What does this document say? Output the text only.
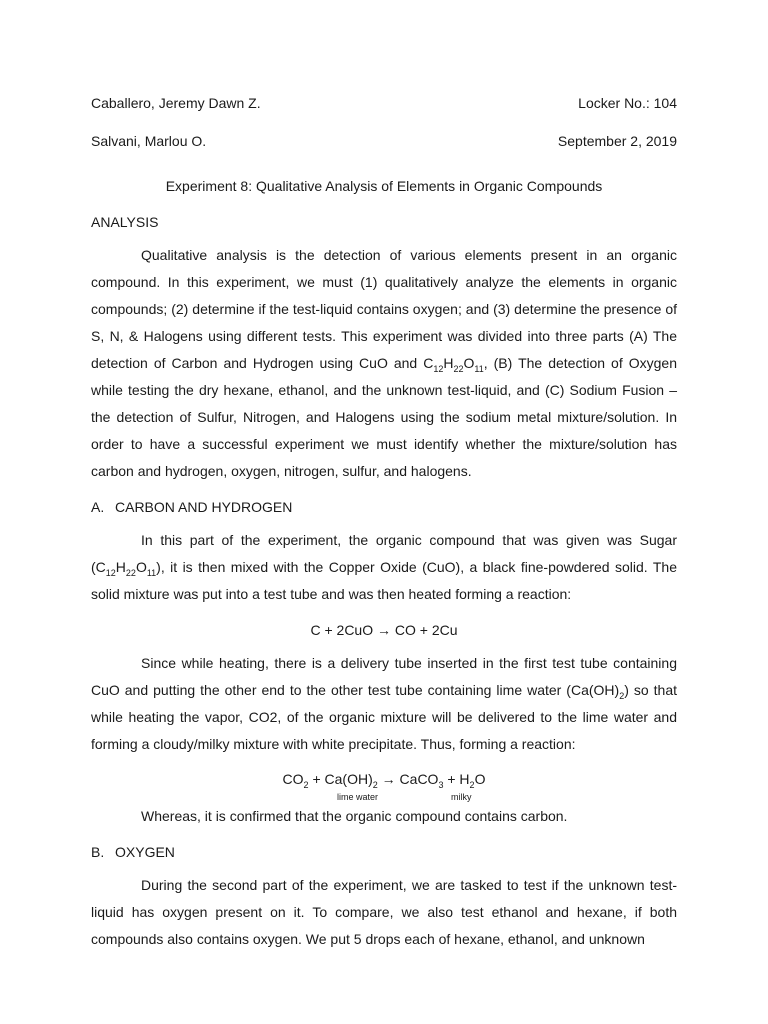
Caballero, Jeremy Dawn Z.	Locker No.: 104
Salvani, Marlou O.	September 2, 2019
Experiment 8: Qualitative Analysis of Elements in Organic Compounds
ANALYSIS

Qualitative analysis is the detection of various elements present in an organic compound. In this experiment, we must (1) qualitatively analyze the elements in organic compounds; (2) determine if the test-liquid contains oxygen; and (3) determine the presence of S, N, & Halogens using different tests. This experiment was divided into three parts (A) The detection of Carbon and Hydrogen using CuO and $C_{12}H_{22}O_{11}$, (B) The detection of Oxygen while testing the dry hexane, ethanol, and the unknown test-liquid, and (C) Sodium Fusion – the detection of Sulfur, Nitrogen, and Halogens using the sodium metal mixture/solution. In order to have a successful experiment we must identify whether the mixture/solution has carbon and hydrogen, oxygen, nitrogen, sulfur, and halogens.

A. CARBON AND HYDROGEN

In this part of the experiment, the organic compound that was given was Sugar $(C_{12}H_{22}O_{11})$, it is then mixed with the Copper Oxide (CuO), a black fine-powdered solid. The solid mixture was put into a test tube and was then heated forming a reaction:

C + 2CuO → CO + 2Cu

Since while heating, there is a delivery tube inserted in the first test tube containing CuO and putting the other end to the other test tube containing lime water $(Ca(OH)_2)$ so that while heating the vapor, CO2, of the organic mixture will be delivered to the lime water and forming a cloudy/milky mixture with white precipitate. Thus, forming a reaction:

$CO_2 + Ca(OH)_2$ → CaCO$_3$ + $H_2O$
lime water	milky

Whereas, it is confirmed that the organic compound contains carbon.

B. OXYGEN

During the second part of the experiment, we are tasked to test if the unknown test-liquid has oxygen present on it. To compare, we also test ethanol and hexane, if both compounds also contains oxygen. We put 5 drops each of hexane, ethanol, and unknown
